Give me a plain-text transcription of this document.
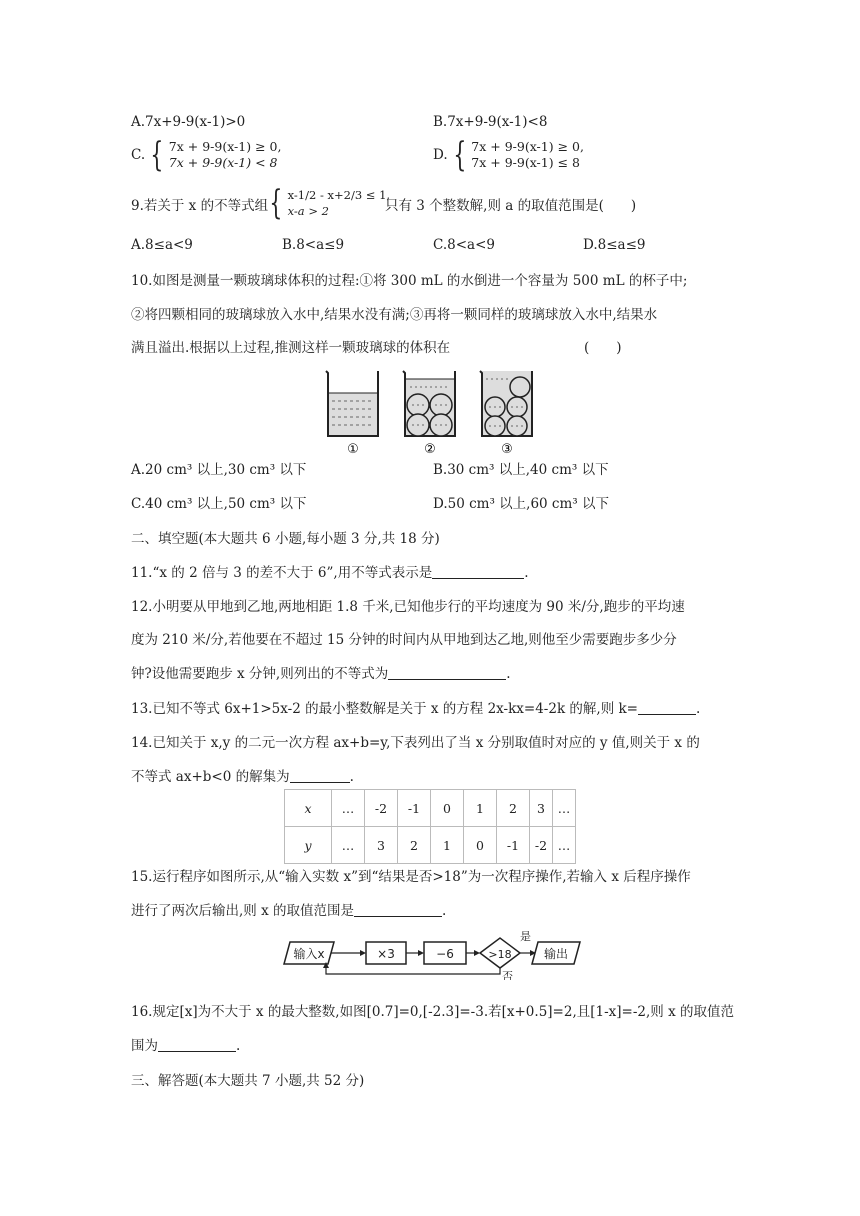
A.7x+9-9(x-1)>0	B.7x+9-9(x-1)<8
C. { 7x + 9-9(x-1) ≥ 0,
7x + 9-9(x-1) < 8	D. { 7x + 9-9(x-1) ≥ 0,
7x + 9-9(x-1) ≤ 8
9.若关于 x 的不等式组 { x-1/2 - x+2/3 ≤ 1,
x-a > 2	只有 3 个整数解,则 a 的取值范围是(　　)
A.8≤a<9	B.8<a≤9	C.8<a<9	D.8≤a≤9
10.如图是测量一颗玻璃球体积的过程:①将 300 mL 的水倒进一个容量为 500 mL 的杯子中;
②将四颗相同的玻璃球放入水中,结果水没有满;③再将一颗同样的玻璃球放入水中,结果水
满且溢出.根据以上过程,推测这样一颗玻璃球的体积在	(　　)
①	②	③
A.20 cm³ 以上,30 cm³ 以下	B.30 cm³ 以上,40 cm³ 以下
C.40 cm³ 以上,50 cm³ 以下	D.50 cm³ 以上,60 cm³ 以下
二、填空题(本大题共 6 小题,每小题 3 分,共 18 分)
11.“x 的 2 倍与 3 的差不大于 6”,用不等式表示是	.
12.小明要从甲地到乙地,两地相距 1.8 千米,已知他步行的平均速度为 90 米/分,跑步的平均速
度为 210 米/分,若他要在不超过 15 分钟的时间内从甲地到达乙地,则他至少需要跑步多少分
钟?设他需要跑步 x 分钟,则列出的不等式为	.
13.已知不等式 6x+1>5x-2 的最小整数解是关于 x 的方程 2x-kx=4-2k 的解,则 k=	.
14.已知关于 x,y 的二元一次方程 ax+b=y,下表列出了当 x 分别取值时对应的 y 值,则关于 x 的
不等式 ax+b<0 的解集为	.
x	…	-2	-1	0	1	2	3	…
y	…	3	2	1	0	-1	-2	…
15.运行程序如图所示,从“输入实数 x”到“结果是否>18”为一次程序操作,若输入 x 后程序操作
进行了两次后输出,则 x 的取值范围是	.
输入x	×3	−6	>18
是
输出
否
16.规定[x]为不大于 x 的最大整数,如图[0.7]=0,[-2.3]=-3.若[x+0.5]=2,且[1-x]=-2,则 x 的取值范
围为	.
三、解答题(本大题共 7 小题,共 52 分)
